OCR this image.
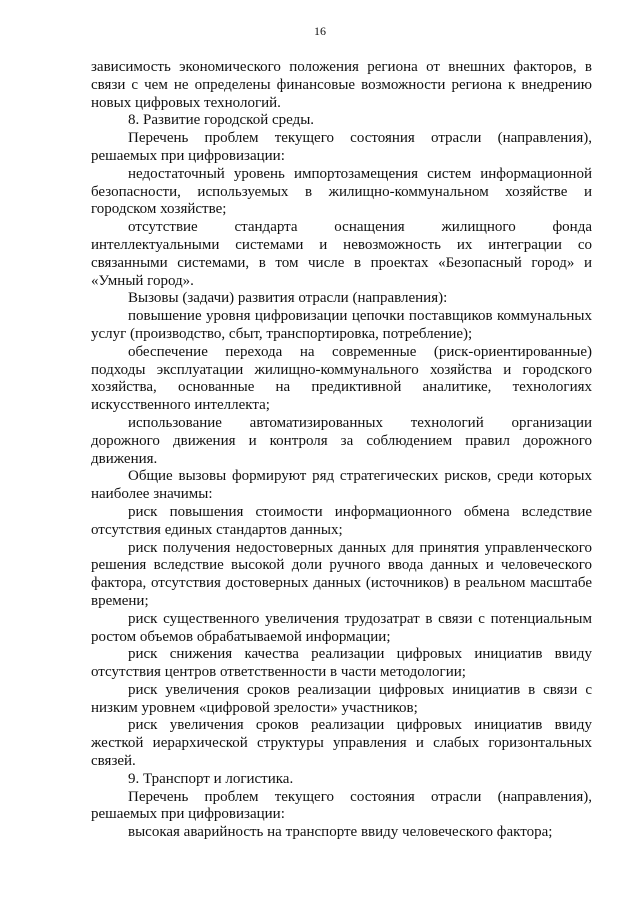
16

зависимость экономического положения региона от внешних факторов, в связи с чем не определены финансовые возможности региона к внедрению новых цифровых технологий.

8. Развитие городской среды.

Перечень проблем текущего состояния отрасли (направления), решаемых при цифровизации:

недостаточный уровень импортозамещения систем информационной безопасности, используемых в жилищно-коммунальном хозяйстве и городском хозяйстве;

отсутствие стандарта оснащения жилищного фонда интеллектуальными системами и невозможность их интеграции со связанными системами, в том числе в проектах «Безопасный город» и «Умный город».

Вызовы (задачи) развития отрасли (направления):

повышение уровня цифровизации цепочки поставщиков коммунальных услуг (производство, сбыт, транспортировка, потребление);

обеспечение перехода на современные (риск-ориентированные) подходы эксплуатации жилищно-коммунального хозяйства и городского хозяйства, основанные на предиктивной аналитике, технологиях искусственного интеллекта;

использование автоматизированных технологий организации дорожного движения и контроля за соблюдением правил дорожного движения.

Общие вызовы формируют ряд стратегических рисков, среди которых наиболее значимы:

риск повышения стоимости информационного обмена вследствие отсутствия единых стандартов данных;

риск получения недостоверных данных для принятия управленческого решения вследствие высокой доли ручного ввода данных и человеческого фактора, отсутствия достоверных данных (источников) в реальном масштабе времени;

риск существенного увеличения трудозатрат в связи с потенциальным ростом объемов обрабатываемой информации;

риск снижения качества реализации цифровых инициатив ввиду отсутствия центров ответственности в части методологии;

риск увеличения сроков реализации цифровых инициатив в связи с низким уровнем «цифровой зрелости» участников;

риск увеличения сроков реализации цифровых инициатив ввиду жесткой иерархической структуры управления и слабых горизонтальных связей.

9. Транспорт и логистика.

Перечень проблем текущего состояния отрасли (направления), решаемых при цифровизации:

высокая аварийность на транспорте ввиду человеческого фактора;
